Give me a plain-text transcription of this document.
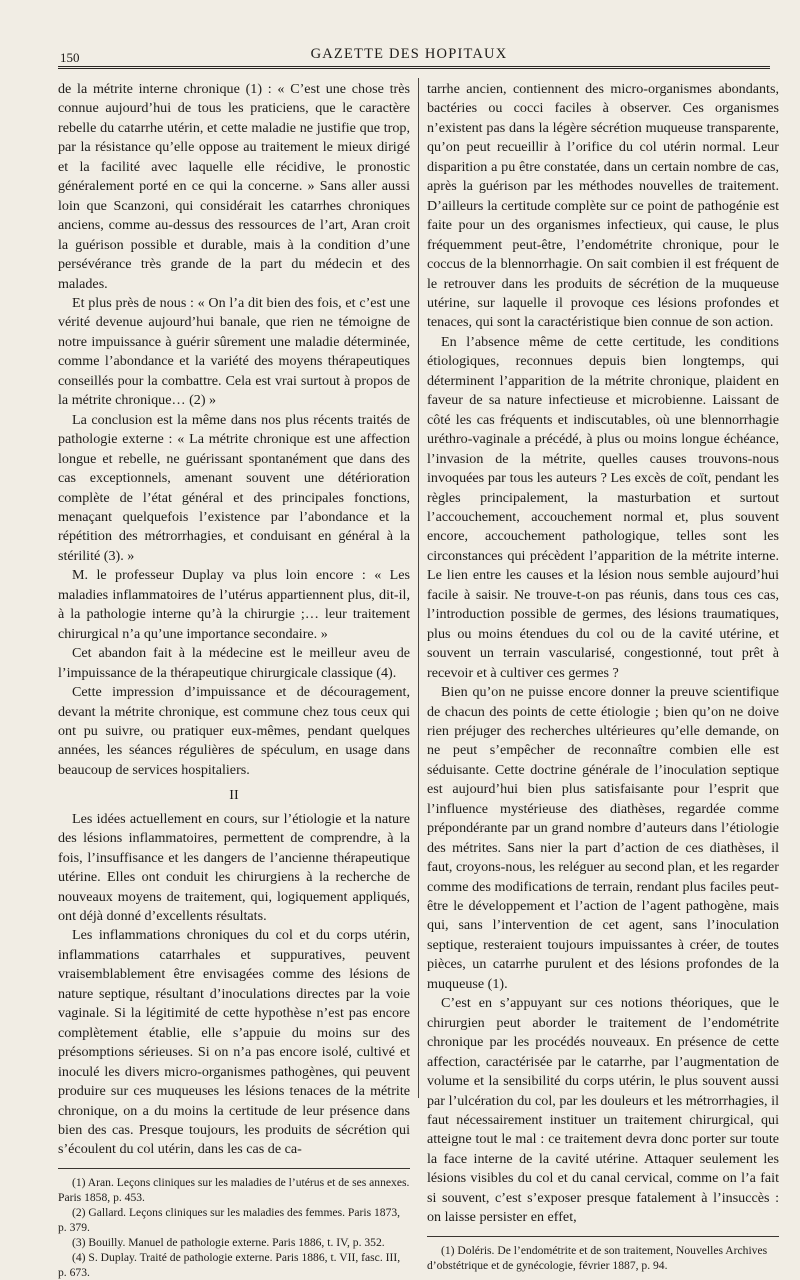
150	GAZETTE DES HOPITAUX

de la métrite interne chronique (1) : « C’est une chose très connue aujourd’hui de tous les praticiens, que le caractère rebelle du catarrhe utérin, et cette maladie ne justifie que trop, par la résistance qu’elle oppose au traitement le mieux dirigé et la facilité avec laquelle elle récidive, le pronostic généralement porté en ce qui la concerne. » Sans aller aussi loin que Scanzoni, qui considérait les catarrhes chroniques anciens, comme au-dessus des ressources de l’art, Aran croit la guérison possible et durable, mais à la condition d’une persévérance très grande de la part du médecin et des malades.

Et plus près de nous : « On l’a dit bien des fois, et c’est une vérité devenue aujourd’hui banale, que rien ne témoigne de notre impuissance à guérir sûrement une maladie déterminée, comme l’abondance et la variété des moyens thérapeutiques conseillés pour la combattre. Cela est vrai surtout à propos de la métrite chronique… (2) »

La conclusion est la même dans nos plus récents traités de pathologie externe : « La métrite chronique est une affection longue et rebelle, ne guérissant spontanément que dans des cas exceptionnels, amenant souvent une détérioration complète de l’état général et des principales fonctions, menaçant quelquefois l’existence par l’abondance et la répétition des métrorrhagies, et conduisant en général à la stérilité (3). »

M. le professeur Duplay va plus loin encore : « Les maladies inflammatoires de l’utérus appartiennent plus, dit-il, à la pathologie interne qu’à la chirurgie ;… leur traitement chirurgical n’a qu’une importance secondaire. »

Cet abandon fait à la médecine est le meilleur aveu de l’impuissance de la thérapeutique chirurgicale classique (4).

Cette impression d’impuissance et de découragement, devant la métrite chronique, est commune chez tous ceux qui ont pu suivre, ou pratiquer eux-mêmes, pendant quelques années, les séances régulières de spéculum, en usage dans beaucoup de services hospitaliers.

II

Les idées actuellement en cours, sur l’étiologie et la nature des lésions inflammatoires, permettent de comprendre, à la fois, l’insuffisance et les dangers de l’ancienne thérapeutique utérine. Elles ont conduit les chirurgiens à la recherche de nouveaux moyens de traitement, qui, logiquement appliqués, ont déjà donné d’excellents résultats.

Les inflammations chroniques du col et du corps utérin, inflammations catarrhales et suppuratives, peuvent vraisemblablement être envisagées comme des lésions de nature septique, résultant d’inoculations directes par la voie vaginale. Si la légitimité de cette hypothèse n’est pas encore complètement établie, elle s’appuie du moins sur des présomptions sérieuses. Si on n’a pas encore isolé, cultivé et inoculé les divers micro-organismes pathogènes, qui peuvent produire sur ces muqueuses les lésions tenaces de la métrite chronique, on a du moins la certitude de leur présence dans bien des cas. Presque toujours, les produits de sécrétion qui s’écoulent du col utérin, dans les cas de ca-

(1) Aran. Leçons cliniques sur les maladies de l’utérus et de ses annexes. Paris 1858, p. 453.

(2) Gallard. Leçons cliniques sur les maladies des femmes. Paris 1873, p. 379.

(3) Bouilly. Manuel de pathologie externe. Paris 1886, t. IV, p. 352.

(4) S. Duplay. Traité de pathologie externe. Paris 1886, t. VII, fasc. III, p. 673.

tarrhe ancien, contiennent des micro-organismes abondants, bactéries ou cocci faciles à observer. Ces organismes n’existent pas dans la légère sécrétion muqueuse transparente, qu’on peut recueillir à l’orifice du col utérin normal. Leur disparition a pu être constatée, dans un certain nombre de cas, après la guérison par les méthodes nouvelles de traitement. D’ailleurs la certitude complète sur ce point de pathogénie est faite pour un des organismes infectieux, qui cause, le plus fréquemment peut-être, l’endométrite chronique, pour le coccus de la blennorrhagie. On sait combien il est fréquent de le retrouver dans les produits de sécrétion de la muqueuse utérine, sur laquelle il provoque ces lésions profondes et tenaces, qui sont la caractéristique bien connue de son action.

En l’absence même de cette certitude, les conditions étiologiques, reconnues depuis bien longtemps, qui déterminent l’apparition de la métrite chronique, plaident en faveur de sa nature infectieuse et microbienne. Laissant de côté les cas fréquents et indiscutables, où une blennorrhagie uréthro-vaginale a précédé, à plus ou moins longue échéance, l’invasion de la métrite, quelles causes trouvons-nous invoquées par tous les auteurs ? Les excès de coït, pendant les règles principalement, la masturbation et surtout l’accouchement, accouchement normal et, plus souvent encore, accouchement pathologique, telles sont les circonstances qui précèdent l’apparition de la métrite interne. Le lien entre les causes et la lésion nous semble aujourd’hui facile à saisir. Ne trouve-t-on pas réunis, dans tous ces cas, l’introduction possible de germes, des lésions traumatiques, plus ou moins étendues du col ou de la cavité utérine, et souvent un terrain vascularisé, congestionné, tout prêt à recevoir et à cultiver ces germes ?

Bien qu’on ne puisse encore donner la preuve scientifique de chacun des points de cette étiologie ; bien qu’on ne doive rien préjuger des recherches ultérieures qu’elle demande, on ne peut s’empêcher de reconnaître combien elle est séduisante. Cette doctrine générale de l’inoculation septique est aujourd’hui bien plus satisfaisante pour l’esprit que l’influence mystérieuse des diathèses, regardée comme prépondérante par un grand nombre d’auteurs dans l’étiologie des métrites. Sans nier la part d’action de ces diathèses, il faut, croyons-nous, les reléguer au second plan, et les regarder comme des modifications de terrain, rendant plus faciles peut-être le développement et l’action de l’agent pathogène, mais qui, sans l’intervention de cet agent, sans l’inoculation septique, resteraient toujours impuissantes à créer, de toutes pièces, un catarrhe purulent et des lésions profondes de la muqueuse (1).

C’est en s’appuyant sur ces notions théoriques, que le chirurgien peut aborder le traitement de l’endométrite chronique par les procédés nouveaux. En présence de cette affection, caractérisée par le catarrhe, par l’augmentation de volume et la sensibilité du corps utérin, le plus souvent aussi par l’ulcération du col, par les douleurs et les métrorrhagies, il faut nécessairement instituer un traitement chirurgical, qui atteigne tout le mal : ce traitement devra donc porter sur toute la face interne de la cavité utérine. Attaquer seulement les lésions visibles du col et du canal cervical, comme on l’a fait si souvent, c’est s’exposer presque fatalement à l’insuccès : on laisse persister en effet,

(1) Doléris. De l’endométrite et de son traitement, Nouvelles Archives d’obstétrique et de gynécologie, février 1887, p. 94.
